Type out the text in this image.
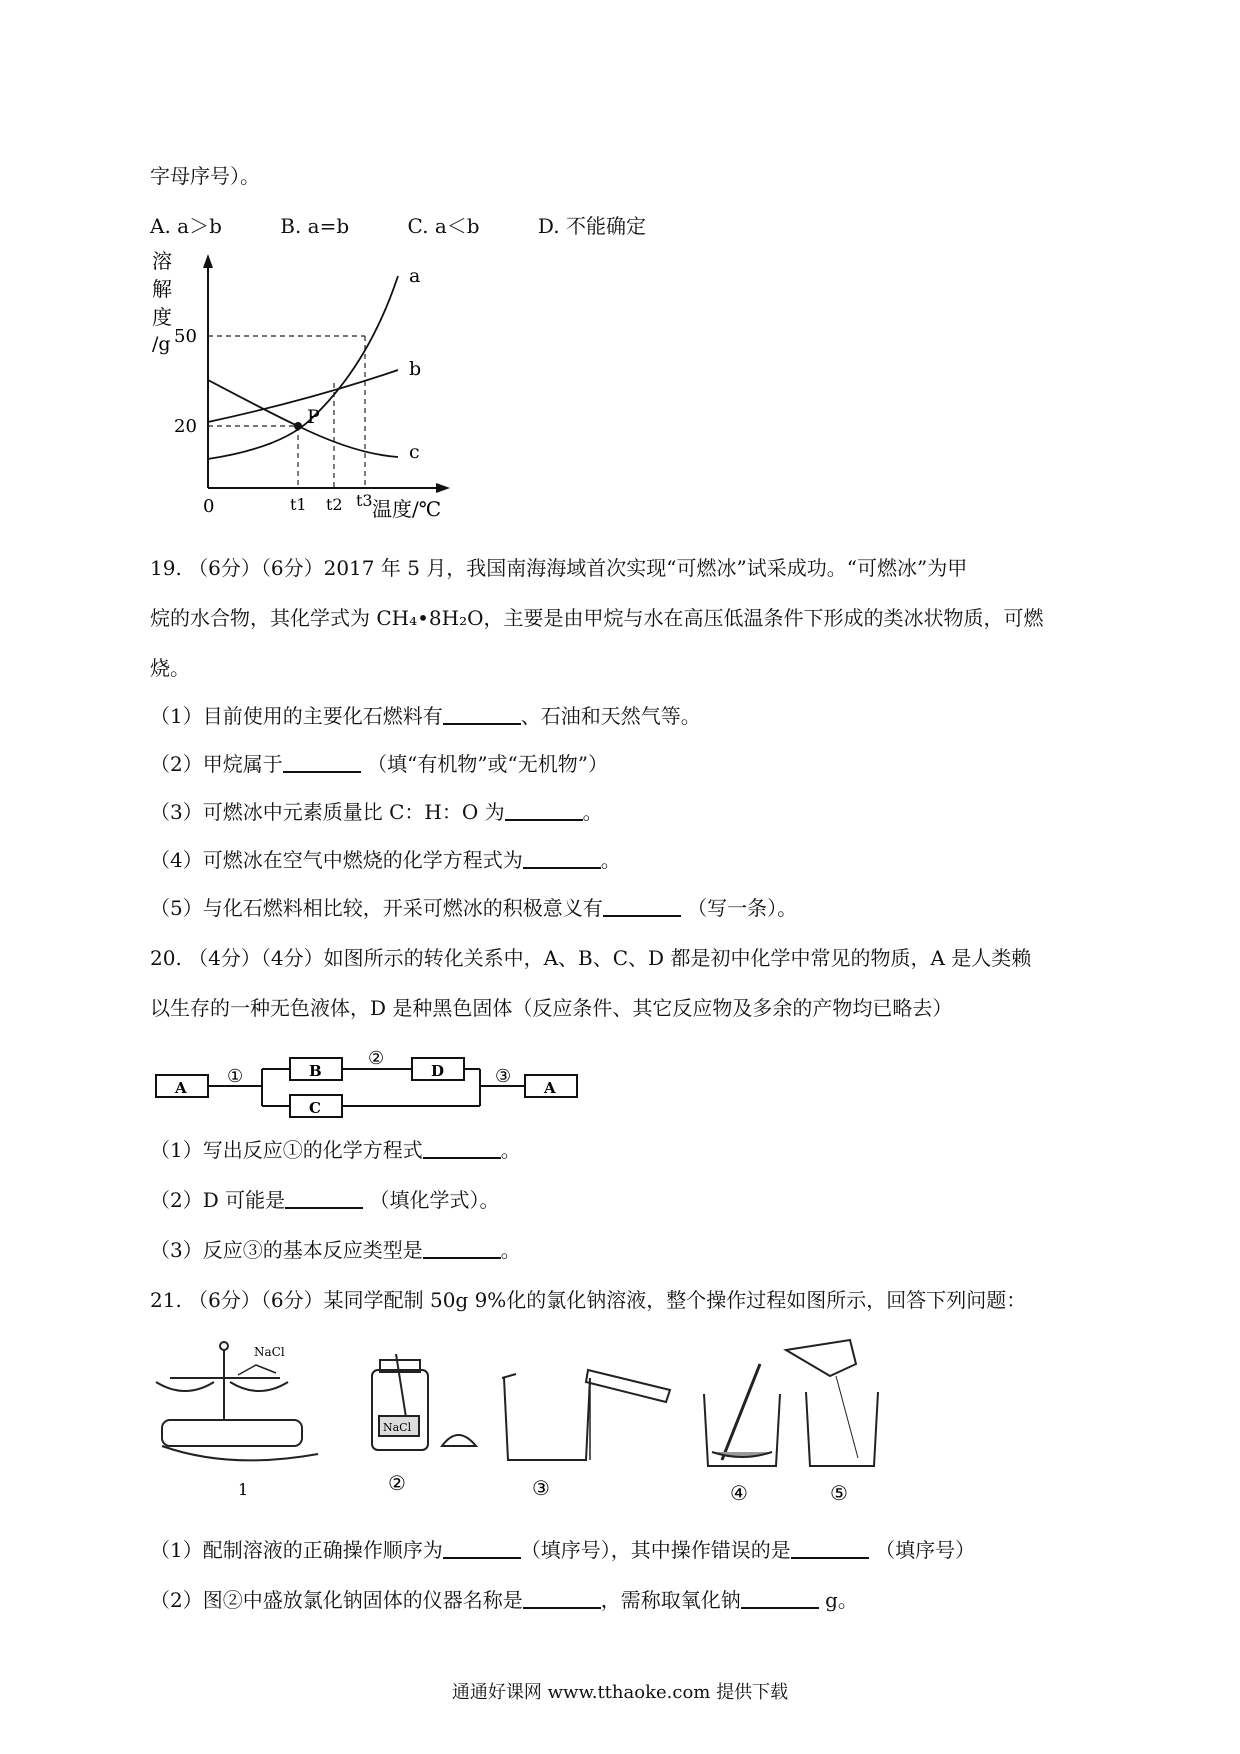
字母序号）。
A. a＞b	B. a=b	C. a＜b	D. 不能确定
溶
解
度
/g
P
a
b
c
50
20
0	t1 t2 t3 温度/℃
19. （6分）（6分）2017 年 5 月，我国南海海域首次实现“可燃冰”试采成功。“可燃冰”为甲
烷的水合物，其化学式为 CH₄•8H₂O，主要是由甲烷与水在高压低温条件下形成的类冰状物质，可燃
烧。
（1）目前使用的主要化石燃料有	、石油和天然气等。
（2）甲烷属于	（填“有机物”或“无机物”）
（3）可燃冰中元素质量比 C：H：O 为	。
（4）可燃冰在空气中燃烧的化学方程式为	。
（5）与化石燃料相比较，开采可燃冰的积极意义有	（写一条）。
20. （4分）（4分）如图所示的转化关系中，A、B、C、D 都是初中化学中常见的物质，A 是人类赖
以生存的一种无色液体，D 是种黑色固体（反应条件、其它反应物及多余的产物均已略去）
A
B	D
C
A
①
②
③
（1）写出反应①的化学方程式	。
（2）D 可能是	（填化学式）。
（3）反应③的基本反应类型是	。
21. （6分）（6分）某同学配制 50g 9%化的氯化钠溶液，整个操作过程如图所示，回答下列问题：
NaCl
NaCl
1	②	③	④	⑤
（1）配制溶液的正确操作顺序为	（填序号），其中操作错误的是	（填序号）
（2）图②中盛放氯化钠固体的仪器名称是	，需称取氧化钠	g。
通通好课网 www.tthaoke.com 提供下载
